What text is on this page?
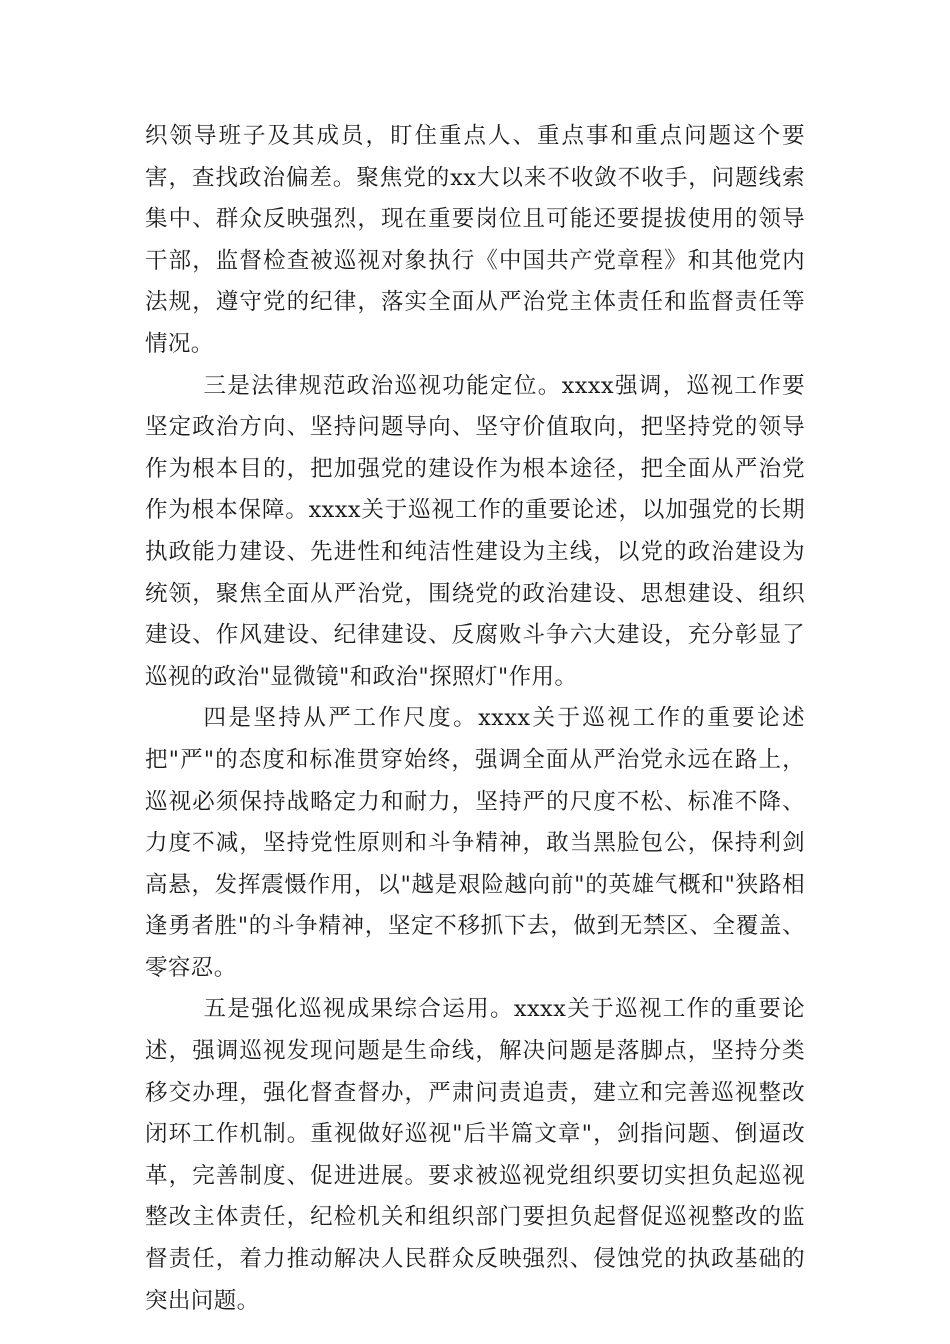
织领导班子及其成员，盯住重点人、重点事和重点问题这个要害，查找政治偏差。聚焦党的xx大以来不收敛不收手，问题线索集中、群众反映强烈，现在重要岗位且可能还要提拔使用的领导干部，监督检查被巡视对象执行《中国共产党章程》和其他党内法规，遵守党的纪律，落实全面从严治党主体责任和监督责任等情况。

三是法律规范政治巡视功能定位。xxxx强调，巡视工作要坚定政治方向、坚持问题导向、坚守价值取向，把坚持党的领导作为根本目的，把加强党的建设作为根本途径，把全面从严治党作为根本保障。xxxx关于巡视工作的重要论述，以加强党的长期执政能力建设、先进性和纯洁性建设为主线，以党的政治建设为统领，聚焦全面从严治党，围绕党的政治建设、思想建设、组织建设、作风建设、纪律建设、反腐败斗争六大建设，充分彰显了巡视的政治"显微镜"和政治"探照灯"作用。

四是坚持从严工作尺度。xxxx关于巡视工作的重要论述把"严"的态度和标准贯穿始终，强调全面从严治党永远在路上，巡视必须保持战略定力和耐力，坚持严的尺度不松、标准不降、力度不减，坚持党性原则和斗争精神，敢当黑脸包公，保持利剑高悬，发挥震慑作用，以"越是艰险越向前"的英雄气概和"狭路相逢勇者胜"的斗争精神，坚定不移抓下去，做到无禁区、全覆盖、零容忍。

五是强化巡视成果综合运用。xxxx关于巡视工作的重要论述，强调巡视发现问题是生命线，解决问题是落脚点，坚持分类移交办理，强化督查督办，严肃问责追责，建立和完善巡视整改闭环工作机制。重视做好巡视"后半篇文章"，剑指问题、倒逼改革，完善制度、促进进展。要求被巡视党组织要切实担负起巡视整改主体责任，纪检机关和组织部门要担负起督促巡视整改的监督责任，着力推动解决人民群众反映强烈、侵蚀党的执政基础的突出问题。
